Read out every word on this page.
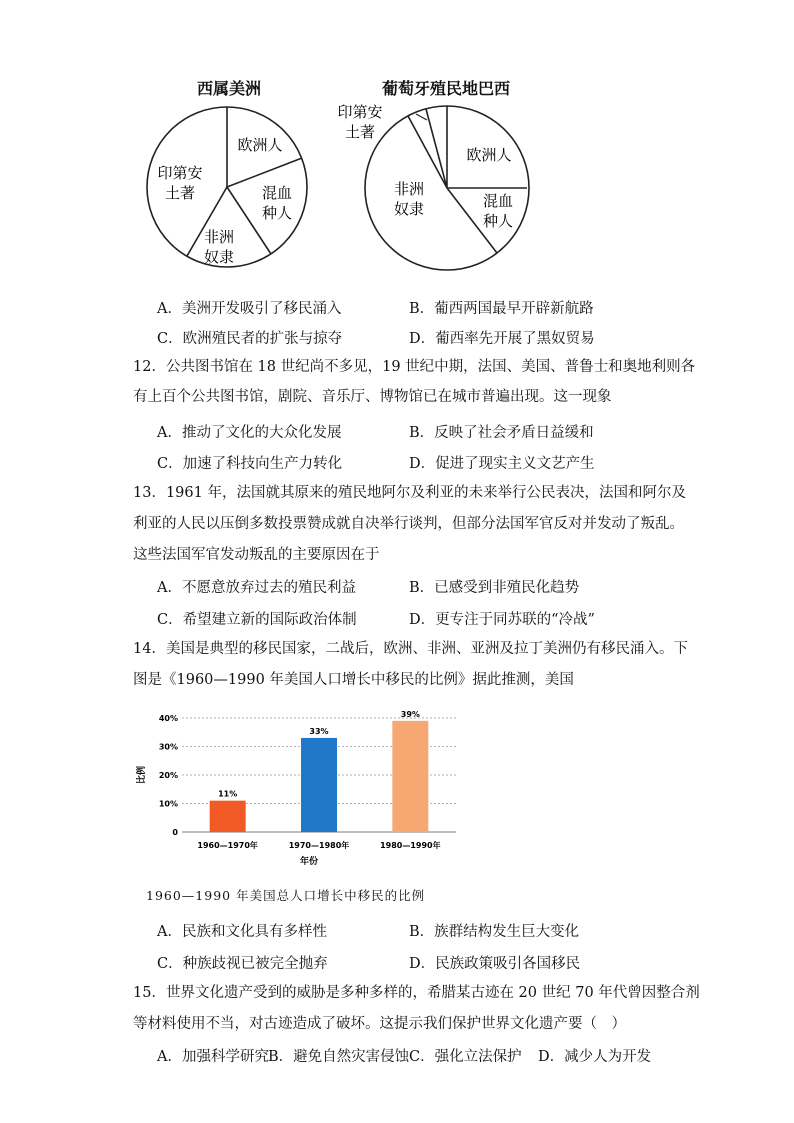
西属美洲
欧洲人
混血
种人
非洲
奴隶
印第安
土著
葡萄牙殖民地巴西
印第安
土著
欧洲人
混血
种人
非洲
奴隶
A．美洲开发吸引了移民涌入	B．葡西两国最早开辟新航路
C．欧洲殖民者的扩张与掠夺	D．葡西率先开展了黑奴贸易
12．公共图书馆在 18 世纪尚不多见，19 世纪中期，法国、美国、普鲁士和奥地利则各
有上百个公共图书馆，剧院、音乐厅、博物馆已在城市普遍出现。这一现象
A．推动了文化的大众化发展	B．反映了社会矛盾日益缓和
C．加速了科技向生产力转化	D．促进了现实主义文艺产生
13．1961 年，法国就其原来的殖民地阿尔及利亚的未来举行公民表决，法国和阿尔及
利亚的人民以压倒多数投票赞成就自决举行谈判，但部分法国军官反对并发动了叛乱。
这些法国军官发动叛乱的主要原因在于
A．不愿意放弃过去的殖民利益	B．已感受到非殖民化趋势
C．希望建立新的国际政治体制	D．更专注于同苏联的“冷战”
14．美国是典型的移民国家，二战后，欧洲、非洲、亚洲及拉丁美洲仍有移民涌入。下
图是《1960—1990 年美国人口增长中移民的比例》据此推测，美国
0
10%
20%
30%
40%
11%
33%
39%
1960—1970年	1970—1980年	1980—1990年
比例
年份
1960—1990 年美国总人口增长中移民的比例
A．民族和文化具有多样性	B．族群结构发生巨大变化
C．种族歧视已被完全抛弃	D．民族政策吸引各国移民
15．世界文化遗产受到的威胁是多种多样的，希腊某古迹在 20 世纪 70 年代曾因整合剂
等材料使用不当，对古迹造成了破坏。这提示我们保护世界文化遗产要（　）
A．加强科学研究 B．避免自然灾害侵蚀 C．强化立法保护 D．减少人为开发
